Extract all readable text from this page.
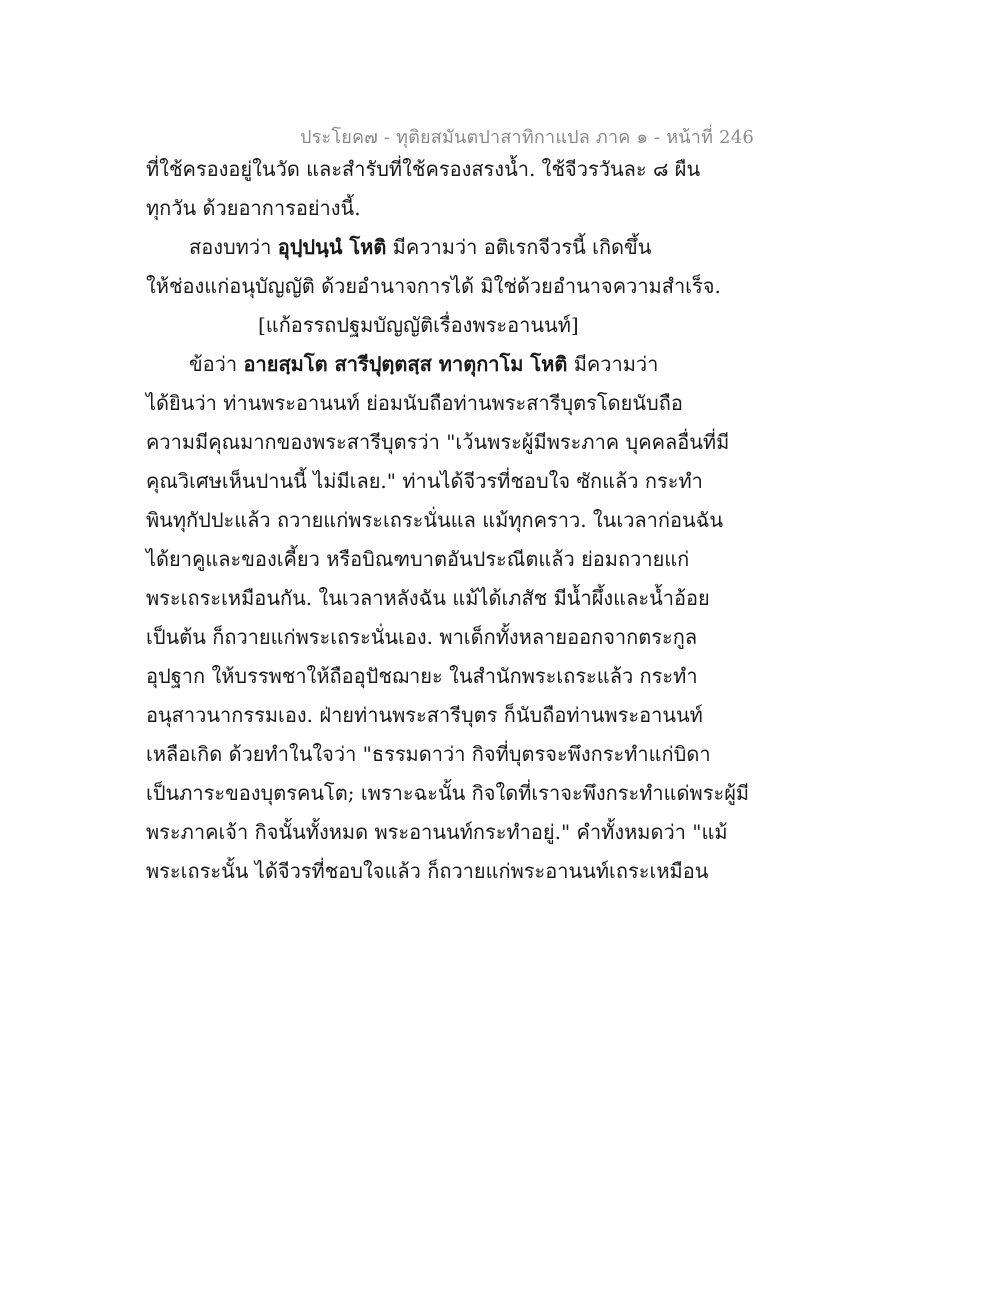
ประโยค๗ - ทุติยสมันตปาสาทิกาแปล ภาค ๑ - หน้าที่ 246
ที่ใช้ครองอยู่ในวัด และสำรับที่ใช้ครองสรงน้ำ. ใช้จีวรวันละ ๘ ผืน
ทุกวัน ด้วยอาการอย่างนี้.
สองบทว่า อุปฺปนฺนํ โหติ มีความว่า อติเรกจีวรนี้ เกิดขึ้น
ให้ช่องแก่อนุบัญญัติ ด้วยอำนาจการได้ มิใช่ด้วยอำนาจความสำเร็จ.
[แก้อรรถปฐมบัญญัติเรื่องพระอานนท์]
ข้อว่า อายสฺมโต สารีปุตฺตสฺส ทาตุกาโม โหติ มีความว่า
ได้ยินว่า ท่านพระอานนท์ ย่อมนับถือท่านพระสารีบุตรโดยนับถือ
ความมีคุณมากของพระสารีบุตรว่า "เว้นพระผู้มีพระภาค บุคคลอื่นที่มี
คุณวิเศษเห็นปานนี้ ไม่มีเลย." ท่านได้จีวรที่ชอบใจ ซักแล้ว กระทำ
พินทุกัปปะแล้ว ถวายแก่พระเถระนั่นแล แม้ทุกคราว. ในเวลาก่อนฉัน
ได้ยาคูและของเคี้ยว หรือบิณฑบาตอันประณีตแล้ว ย่อมถวายแก่
พระเถระเหมือนกัน. ในเวลาหลังฉัน แม้ได้เภสัช มีน้ำผึ้งและน้ำอ้อย
เป็นต้น ก็ถวายแก่พระเถระนั่นเอง. พาเด็กทั้งหลายออกจากตระกูล
อุปฐาก ให้บรรพชาให้ถืออุปัชฌายะ ในสำนักพระเถระแล้ว กระทำ
อนุสาวนากรรมเอง. ฝ่ายท่านพระสารีบุตร ก็นับถือท่านพระอานนท์
เหลือเกิด ด้วยทำในใจว่า "ธรรมดาว่า กิจที่บุตรจะพึงกระทำแก่บิดา
เป็นภาระของบุตรคนโต; เพราะฉะนั้น กิจใดที่เราจะพึงกระทำแด่พระผู้มี
พระภาคเจ้า กิจนั้นทั้งหมด พระอานนท์กระทำอยู่." คำทั้งหมดว่า "แม้
พระเถระนั้น ได้จีวรที่ชอบใจแล้ว ก็ถวายแก่พระอานนท์เถระเหมือน
